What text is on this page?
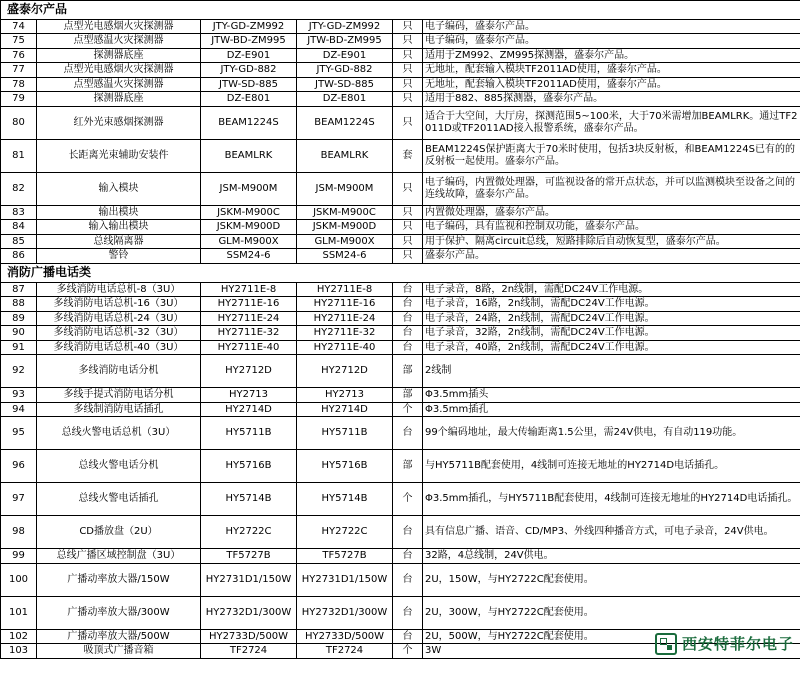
盛泰尔产品					
74	点型光电感烟火灾探测器	JTY-GD-ZM992	JTY-GD-ZM992	只	电子编码，盛泰尔产品。
75	点型感温火灾探测器	JTW-BD-ZM995	JTW-BD-ZM995	只	电子编码，盛泰尔产品。
76	探测器底座	DZ-E901	DZ-E901	只	适用于ZM992、ZM995探测器，盛泰尔产品。
77	点型光电感烟火灾探测器	JTY-GD-882	JTY-GD-882	只	无地址，配套输入模块TF2011AD使用，盛泰尔产品。
78	点型感温火灾探测器	JTW-SD-885	JTW-SD-885	只	无地址，配套输入模块TF2011AD使用，盛泰尔产品。
79	探测器底座	DZ-E801	DZ-E801	只	适用于882、885探测器，盛泰尔产品。
80	红外光束感烟探测器	BEAM1224S	BEAM1224S	只	适合于大空间，大厅房，探测范围5~100米，大于70米需增加BEAMLRK。通过TF2011D或TF2011AD接入报警系统，盛泰尔产品。
81	长距离光束辅助安装件	BEAMLRK	BEAMLRK	套	BEAM1224S保护距离大于70米时使用，包括3块反射板，和BEAM1224S已有的的反射板一起使用。盛泰尔产品。
82	输入模块	JSM-M900M	JSM-M900M	只	电子编码，内置微处理器，可监视设备的常开点状态，并可以监测模块至设备之间的连线故障，盛泰尔产品。
83	输出模块	JSKM-M900C	JSKM-M900C	只	内置微处理器，盛泰尔产品。
84	输入输出模块	JSKM-M900D	JSKM-M900D	只	电子编码，具有监视和控制双功能，盛泰尔产品。
85	总线隔离器	GLM-M900X	GLM-M900X	只	用于保护、隔离circuit总线，短路排除后自动恢复型，盛泰尔产品。
86	警铃	SSM24-6	SSM24-6	只	盛泰尔产品。
消防广播电话类					
87	多线消防电话总机-8（3U）	HY2711E-8	HY2711E-8	台	电子录音，8路，2n线制，需配DC24V工作电源。
88	多线消防电话总机-16（3U）	HY2711E-16	HY2711E-16	台	电子录音，16路，2n线制，需配DC24V工作电源。
89	多线消防电话总机-24（3U）	HY2711E-24	HY2711E-24	台	电子录音，24路，2n线制，需配DC24V工作电源。
90	多线消防电话总机-32（3U）	HY2711E-32	HY2711E-32	台	电子录音，32路，2n线制，需配DC24V工作电源。
91	多线消防电话总机-40（3U）	HY2711E-40	HY2711E-40	台	电子录音，40路，2n线制，需配DC24V工作电源。
92	多线消防电话分机	HY2712D	HY2712D	部	2线制
93	多线手提式消防电话分机	HY2713	HY2713	部	Φ3.5mm插头
94	多线制消防电话插孔	HY2714D	HY2714D	个	Φ3.5mm插孔
95	总线火警电话总机（3U）	HY5711B	HY5711B	台	99个编码地址，最大传输距离1.5公里，需24V供电，有自动119功能。
96	总线火警电话分机	HY5716B	HY5716B	部	与HY5711B配套使用，4线制可连接无地址的HY2714D电话插孔。
97	总线火警电话插孔	HY5714B	HY5714B	个	Φ3.5mm插孔，与HY5711B配套使用，4线制可连接无地址的HY2714D电话插孔。
98	CD播放盘（2U）	HY2722C	HY2722C	台	具有信息广播、语音、CD/MP3、外线四种播音方式，可电子录音，24V供电。
99	总线广播区域控制盘（3U）	TF5727B	TF5727B	台	32路，4总线制，24V供电。
100	广播动率放大器/150W	HY2731D1/150W	HY2731D1/150W	台	2U，150W，与HY2722C配套使用。
101	广播动率放大器/300W	HY2732D1/300W	HY2732D1/300W	台	2U，300W，与HY2722C配套使用。
102	广播动率放大器/500W	HY2733D/500W	HY2733D/500W	台	2U，500W，与HY2722C配套使用。
103	吸顶式广播音箱	TF2724	TF2724	个	3W	西安特菲尔电子
